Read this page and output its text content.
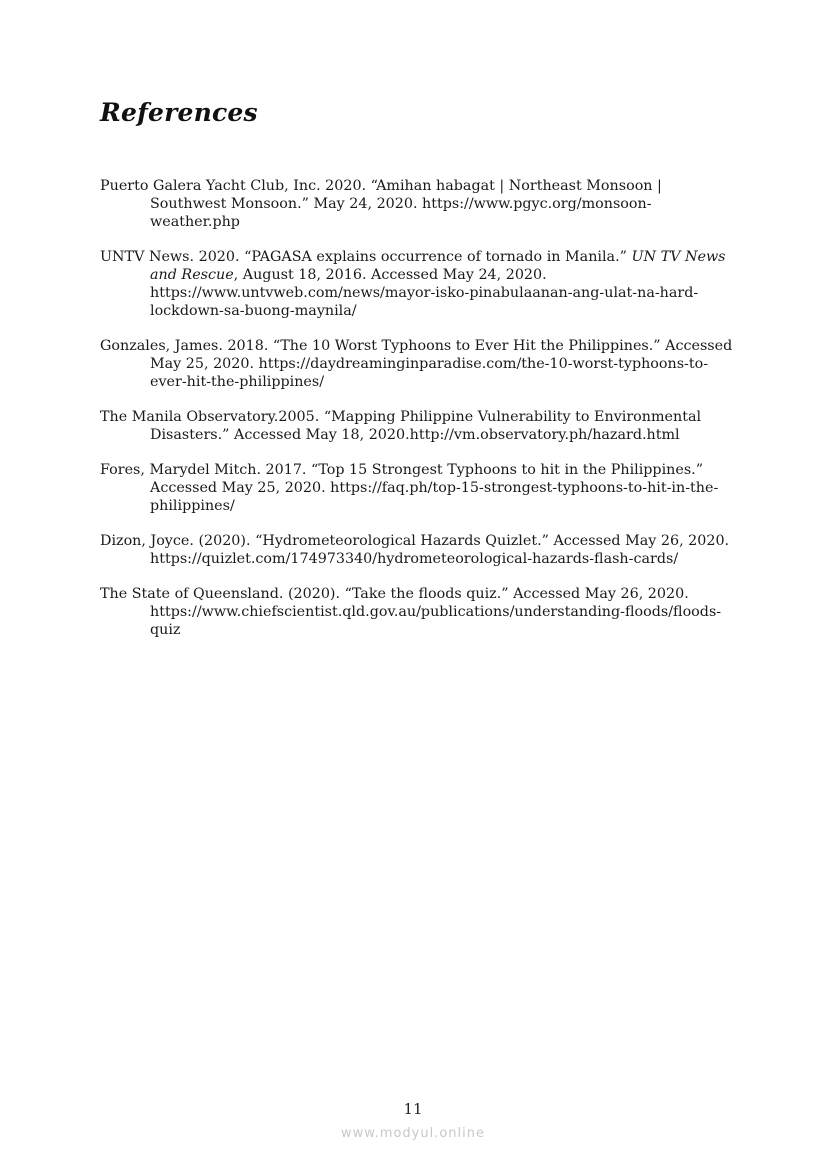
References
Puerto Galera Yacht Club, Inc. 2020. “Amihan habagat | Northeast Monsoon | Southwest Monsoon.” May 24, 2020. https://www.pgyc.org/monsoon-weather.php
UNTV News. 2020. “PAGASA explains occurrence of tornado in Manila.” UN TV News and Rescue, August 18, 2016. Accessed May 24, 2020. https://www.untvweb.com/news/mayor-isko-pinabulaanan-ang-ulat-na-hard-lockdown-sa-buong-maynila/
Gonzales, James. 2018. “The 10 Worst Typhoons to Ever Hit the Philippines.” Accessed May 25, 2020. https://daydreaminginparadise.com/the-10-worst-typhoons-to-ever-hit-the-philippines/
The Manila Observatory.2005. “Mapping Philippine Vulnerability to Environmental Disasters.” Accessed May 18, 2020.http://vm.observatory.ph/hazard.html
Fores, Marydel Mitch. 2017. “Top 15 Strongest Typhoons to hit in the Philippines.” Accessed May 25, 2020. https://faq.ph/top-15-strongest-typhoons-to-hit-in-the-philippines/
Dizon, Joyce. (2020). “Hydrometeorological Hazards Quizlet.” Accessed May 26, 2020. https://quizlet.com/174973340/hydrometeorological-hazards-flash-cards/
The State of Queensland. (2020). “Take the floods quiz.” Accessed May 26, 2020. https://www.chiefscientist.qld.gov.au/publications/understanding-floods/floods-quiz
11
www.modyul.online
